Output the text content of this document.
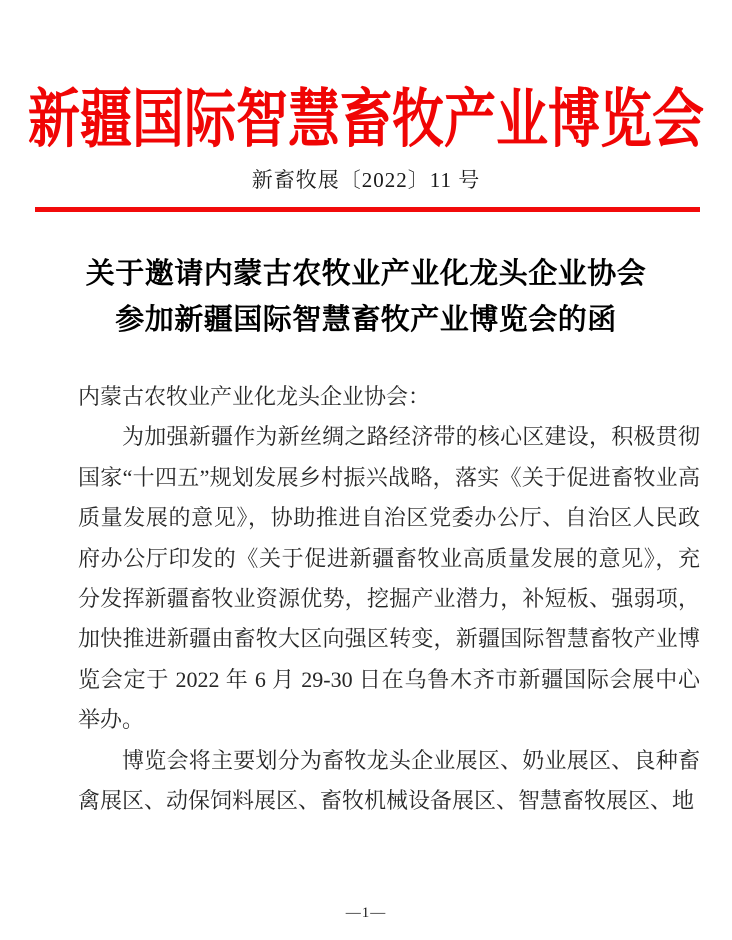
新疆国际智慧畜牧产业博览会
新畜牧展〔2022〕11 号
关于邀请内蒙古农牧业产业化龙头企业协会
参加新疆国际智慧畜牧产业博览会的函

内蒙古农牧业产业化龙头企业协会：

为加强新疆作为新丝绸之路经济带的核心区建设，积极贯彻国家“十四五”规划发展乡村振兴战略，落实《关于促进畜牧业高质量发展的意见》，协助推进自治区党委办公厅、自治区人民政府办公厅印发的《关于促进新疆畜牧业高质量发展的意见》，充分发挥新疆畜牧业资源优势，挖掘产业潜力，补短板、强弱项，加快推进新疆由畜牧大区向强区转变，新疆国际智慧畜牧产业博览会定于 2022 年 6 月 29-30 日在乌鲁木齐市新疆国际会展中心举办。

博览会将主要划分为畜牧龙头企业展区、奶业展区、良种畜禽展区、动保饲料展区、畜牧机械设备展区、智慧畜牧展区、地

—1—
